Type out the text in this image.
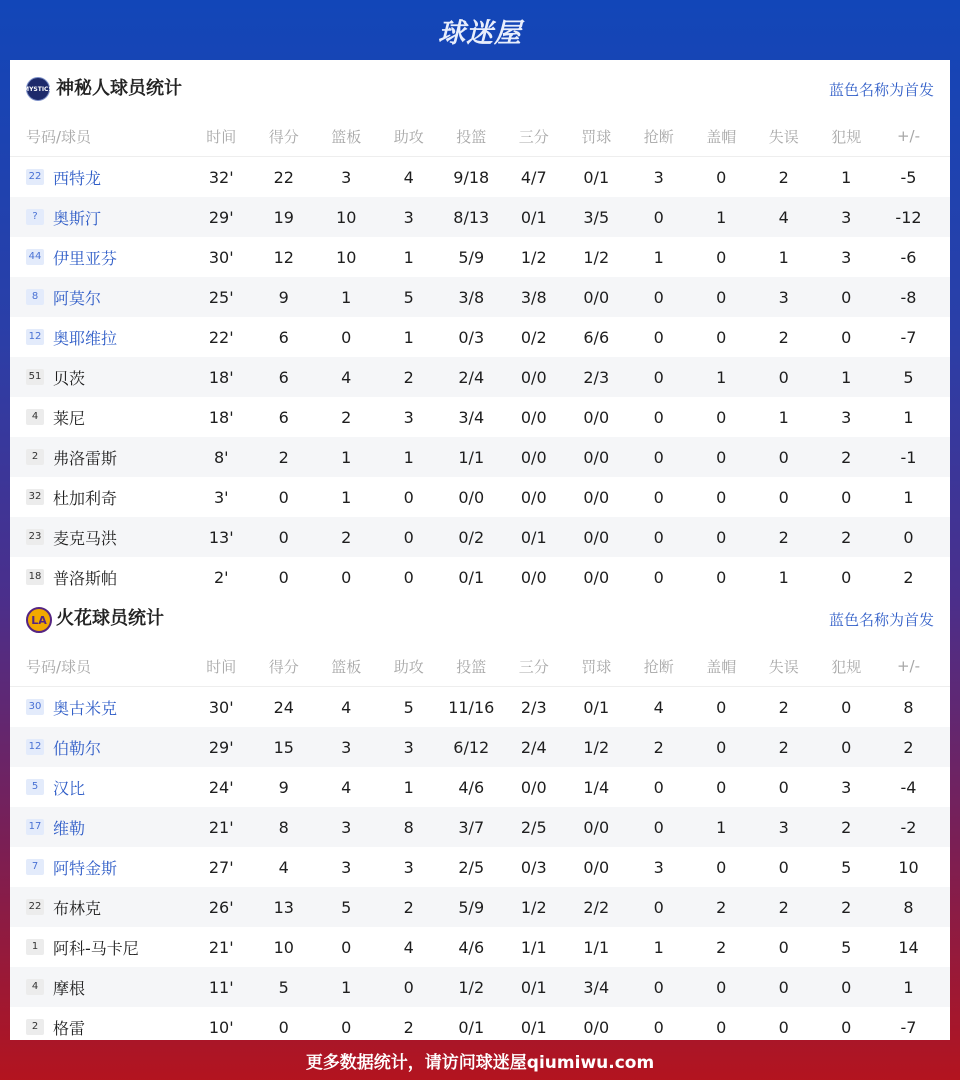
球迷屋
MYSTICS 神秘人球员统计	蓝色名称为首发
号码/球员	时间	得分	篮板	助攻	投篮	三分	罚球	抢断	盖帽	失误	犯规	+/-
22 西特龙	32'	22	3	4	9/18	4/7	0/1	3	0	2	1	-5
? 奥斯汀	29'	19	10	3	8/13	0/1	3/5	0	1	4	3	-12
44 伊里亚芬	30'	12	10	1	5/9	1/2	1/2	1	0	1	3	-6
8 阿莫尔	25'	9	1	5	3/8	3/8	0/0	0	0	3	0	-8
12 奥耶维拉	22'	6	0	1	0/3	0/2	6/6	0	0	2	0	-7
51 贝茨	18'	6	4	2	2/4	0/0	2/3	0	1	0	1	5
4 莱尼	18'	6	2	3	3/4	0/0	0/0	0	0	1	3	1
2 弗洛雷斯	8'	2	1	1	1/1	0/0	0/0	0	0	0	2	-1
32 杜加利奇	3'	0	1	0	0/0	0/0	0/0	0	0	0	0	1
23 麦克马洪	13'	0	2	0	0/2	0/1	0/0	0	0	2	2	0
18 普洛斯帕	2'	0	0	0	0/1	0/0	0/0	0	0	1	0	2
LA 火花球员统计	蓝色名称为首发
号码/球员	时间	得分	篮板	助攻	投篮	三分	罚球	抢断	盖帽	失误	犯规	+/-
30 奥古米克	30'	24	4	5	11/16	2/3	0/1	4	0	2	0	8
12 伯勒尔	29'	15	3	3	6/12	2/4	1/2	2	0	2	0	2
5 汉比	24'	9	4	1	4/6	0/0	1/4	0	0	0	3	-4
17 维勒	21'	8	3	8	3/7	2/5	0/0	0	1	3	2	-2
7 阿特金斯	27'	4	3	3	2/5	0/3	0/0	3	0	0	5	10
22 布林克	26'	13	5	2	5/9	1/2	2/2	0	2	2	2	8
1 阿科-马卡尼	21'	10	0	4	4/6	1/1	1/1	1	2	0	5	14
4 摩根	11'	5	1	0	1/2	0/1	3/4	0	0	0	0	1
2 格雷	10'	0	0	2	0/1	0/1	0/0	0	0	0	0	-7
更多数据统计，请访问球迷屋qiumiwu.com
